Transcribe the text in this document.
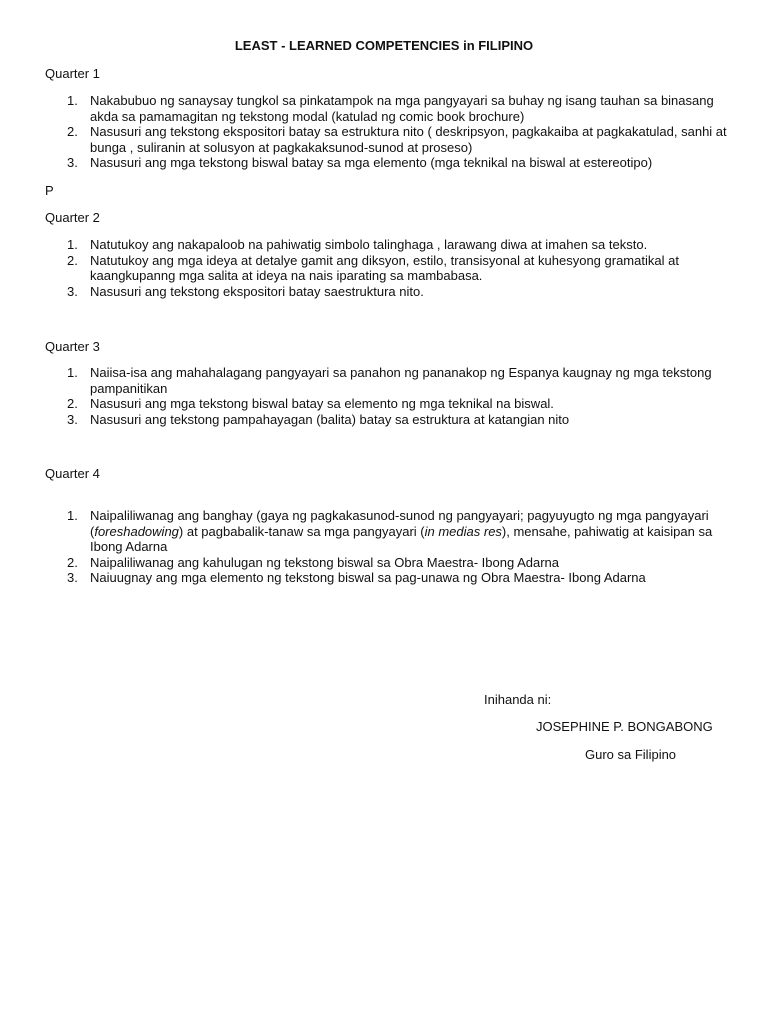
LEAST - LEARNED COMPETENCIES in FILIPINO
Quarter 1
1. Nakabubuo ng sanaysay tungkol sa pinkatampok na mga pangyayari sa buhay ng isang tauhan sa binasang akda sa pamamagitan ng tekstong modal (katulad ng comic book brochure)
2. Nasusuri ang tekstong ekspositori batay sa estruktura nito ( deskripsyon, pagkakaiba at pagkakatulad, sanhi at bunga , suliranin at solusyon at pagkakaksunod-sunod at proseso)
3. Nasusuri ang mga tekstong biswal batay sa mga elemento (mga teknikal na biswal at estereotipo)
P
Quarter 2
1. Natutukoy ang nakapaloob na pahiwatig simbolo talinghaga , larawang diwa at imahen sa teksto.
2. Natutukoy ang mga ideya at detalye gamit ang diksyon, estilo, transisyonal at kuhesyong gramatikal at kaangkupanng mga salita at ideya na nais iparating sa mambabasa.
3. Nasusuri ang tekstong ekspositori batay saestruktura nito.
Quarter 3
1. Naiisa-isa ang mahahalagang pangyayari sa panahon ng pananakop ng Espanya kaugnay ng mga tekstong pampanitikan
2. Nasusuri ang mga tekstong biswal batay sa elemento ng mga teknikal na biswal.
3. Nasusuri ang tekstong pampahayagan (balita) batay sa estruktura at katangian nito
Quarter 4
1. Naipaliliwanag ang banghay (gaya ng pagkakasunod-sunod ng pangyayari; pagyuyugto ng mga pangyayari (foreshadowing) at pagbabalik-tanaw sa mga pangyayari (in medias res), mensahe, pahiwatig at kaisipan sa Ibong Adarna
2. Naipaliliwanag ang kahulugan ng tekstong biswal sa Obra Maestra- Ibong Adarna
3. Naiuugnay ang mga elemento ng tekstong biswal sa pag-unawa ng Obra Maestra- Ibong Adarna
Inihanda ni:
JOSEPHINE P. BONGABONG
Guro sa Filipino
